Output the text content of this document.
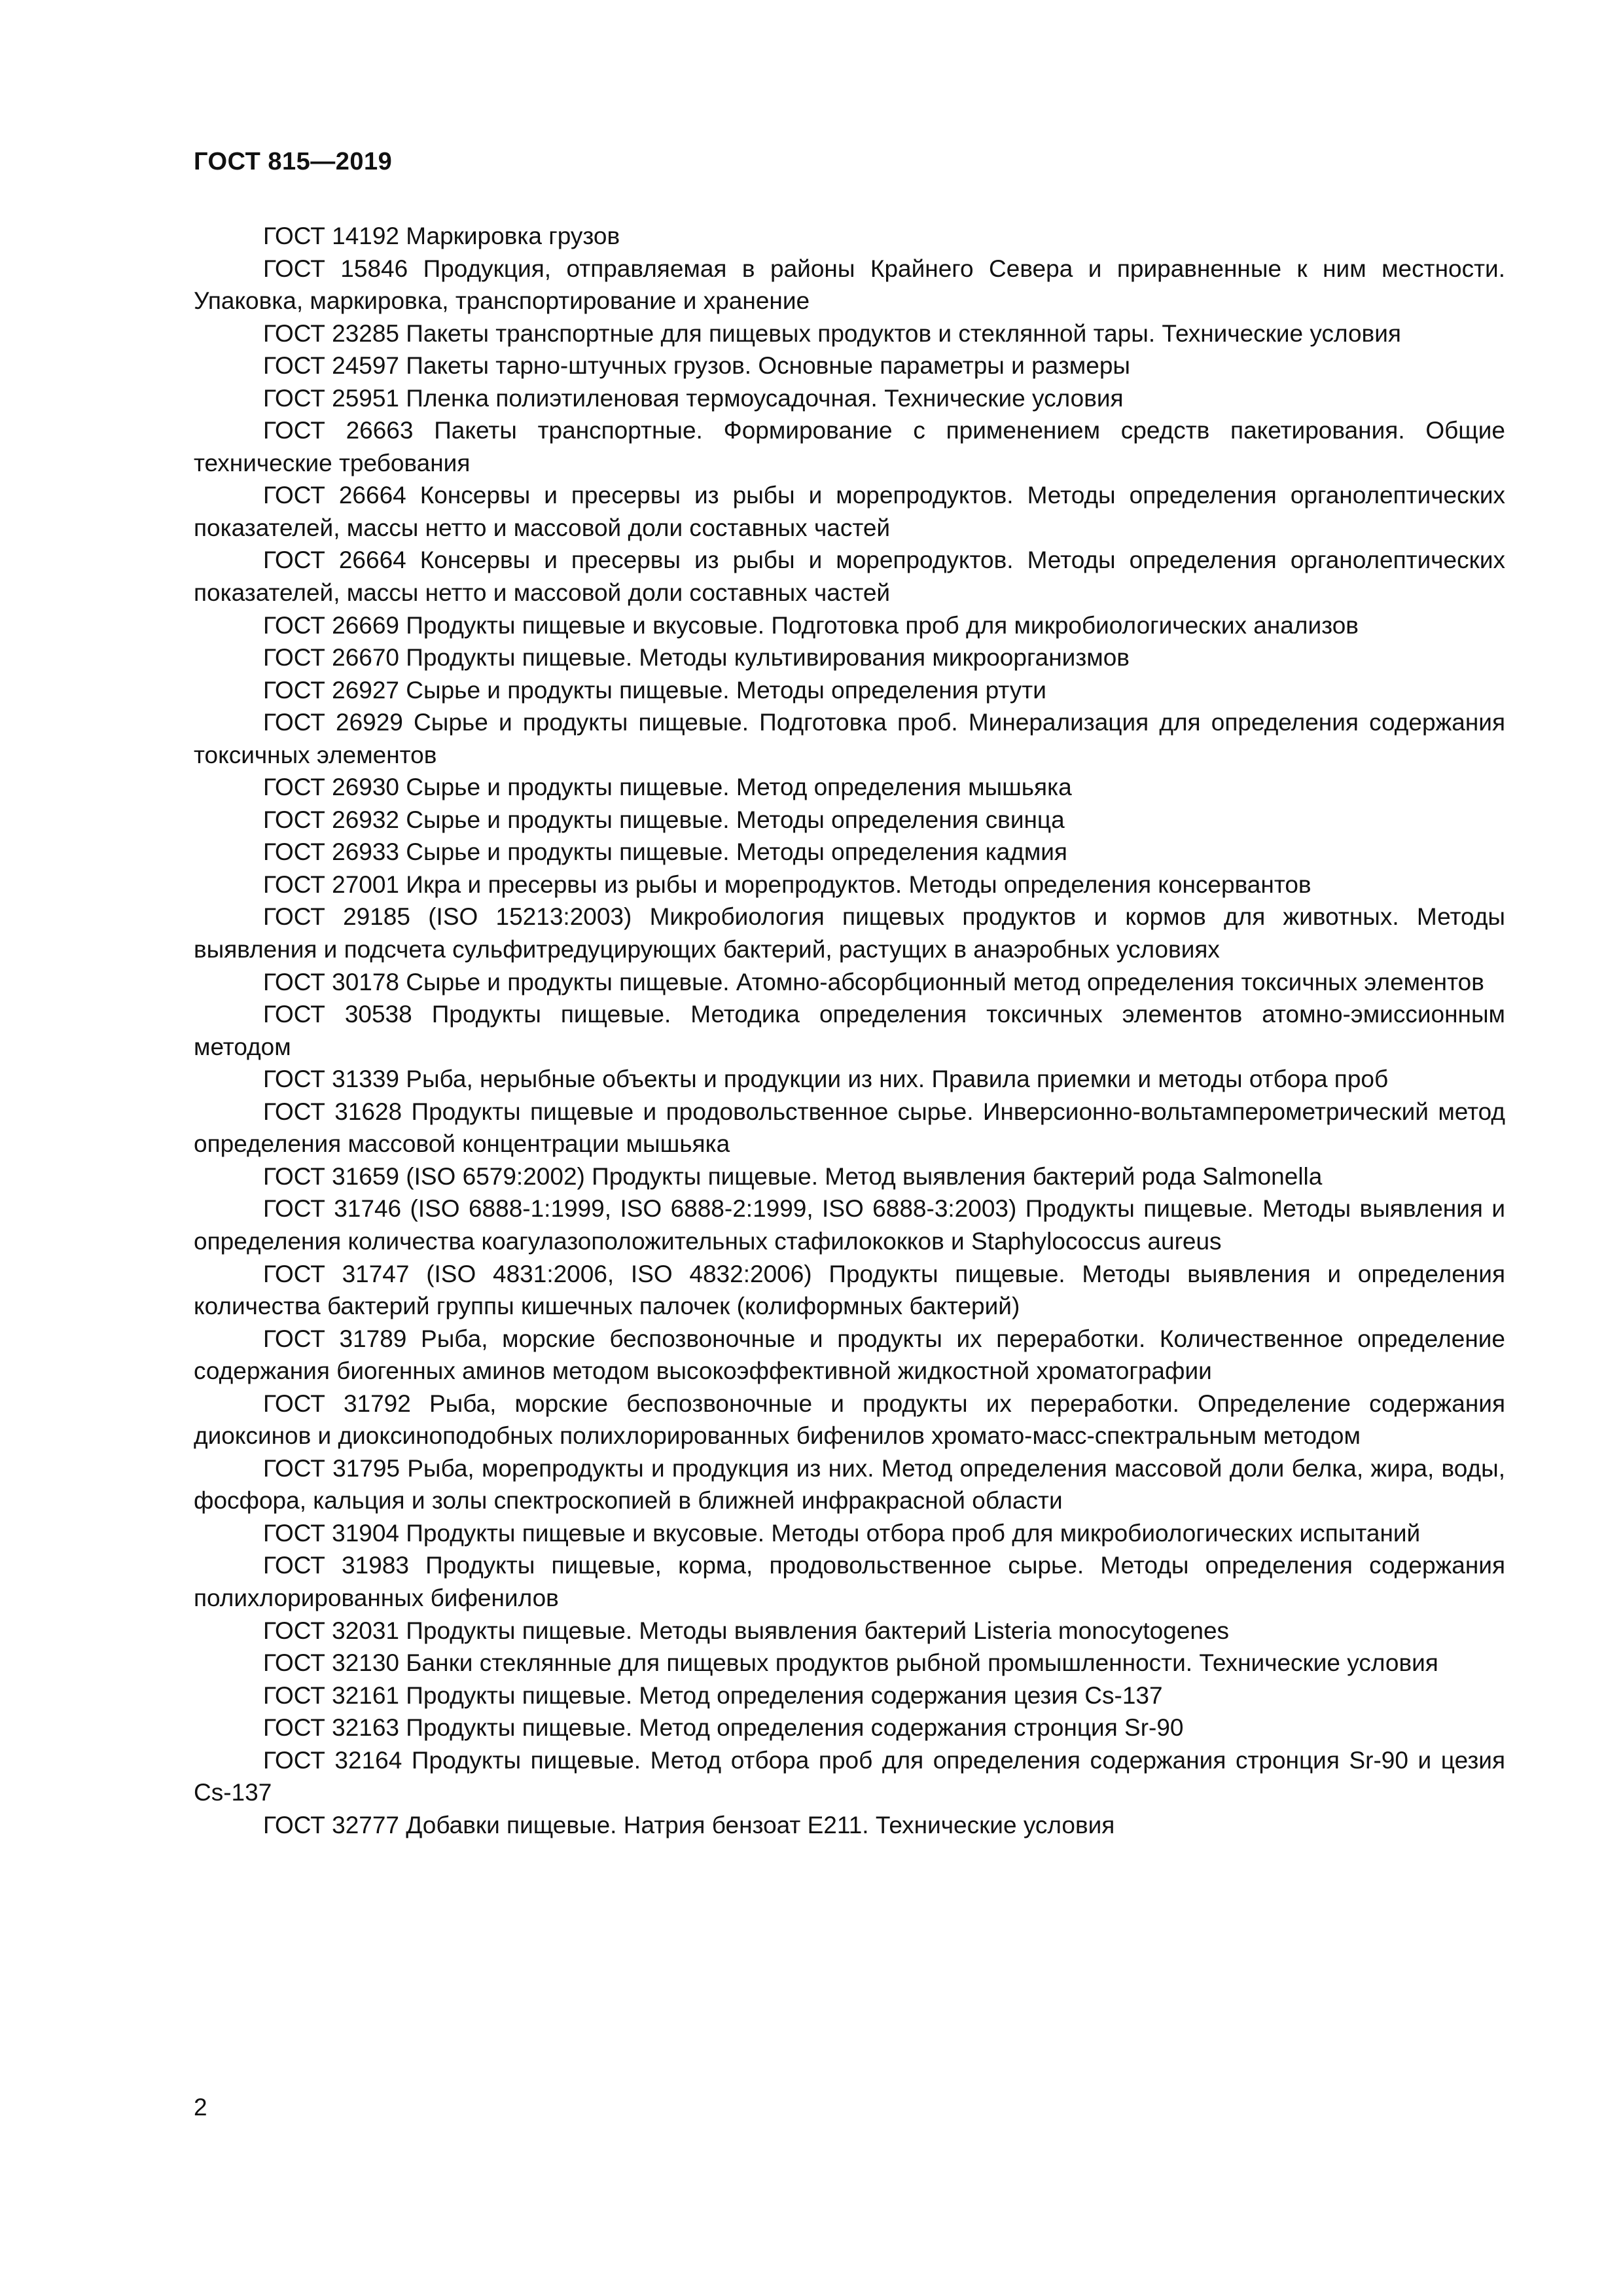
ГОСТ 815—2019

ГОСТ 14192 Маркировка грузов

ГОСТ 15846 Продукция, отправляемая в районы Крайнего Севера и приравненные к ним местности. Упаковка, маркировка, транспортирование и хранение

ГОСТ 23285 Пакеты транспортные для пищевых продуктов и стеклянной тары. Технические условия

ГОСТ 24597 Пакеты тарно-штучных грузов. Основные параметры и размеры

ГОСТ 25951 Пленка полиэтиленовая термоусадочная. Технические условия

ГОСТ 26663 Пакеты транспортные. Формирование с применением средств пакетирования. Общие технические требования

ГОСТ 26664 Консервы и пресервы из рыбы и морепродуктов. Методы определения органолептических показателей, массы нетто и массовой доли составных частей

ГОСТ 26664 Консервы и пресервы из рыбы и морепродуктов. Методы определения органолептических показателей, массы нетто и массовой доли составных частей

ГОСТ 26669 Продукты пищевые и вкусовые. Подготовка проб для микробиологических анализов

ГОСТ 26670 Продукты пищевые. Методы культивирования микроорганизмов

ГОСТ 26927 Сырье и продукты пищевые. Методы определения ртути

ГОСТ 26929 Сырье и продукты пищевые. Подготовка проб. Минерализация для определения содержания токсичных элементов

ГОСТ 26930 Сырье и продукты пищевые. Метод определения мышьяка

ГОСТ 26932 Сырье и продукты пищевые. Методы определения свинца

ГОСТ 26933 Сырье и продукты пищевые. Методы определения кадмия

ГОСТ 27001 Икра и пресервы из рыбы и морепродуктов. Методы определения консервантов

ГОСТ 29185 (ISO 15213:2003) Микробиология пищевых продуктов и кормов для животных. Методы выявления и подсчета сульфитредуцирующих бактерий, растущих в анаэробных условиях

ГОСТ 30178 Сырье и продукты пищевые. Атомно-абсорбционный метод определения токсичных элементов

ГОСТ 30538 Продукты пищевые. Методика определения токсичных элементов атомно-эмиссионным методом

ГОСТ 31339 Рыба, нерыбные объекты и продукции из них. Правила приемки и методы отбора проб

ГОСТ 31628 Продукты пищевые и продовольственное сырье. Инверсионно-вольтамперометрический метод определения массовой концентрации мышьяка

ГОСТ 31659 (ISO 6579:2002) Продукты пищевые. Метод выявления бактерий рода Salmonella

ГОСТ 31746 (ISO 6888-1:1999, ISO 6888-2:1999, ISO 6888-3:2003) Продукты пищевые. Методы выявления и определения количества коагулазоположительных стафилококков и Staphylococcus aureus

ГОСТ 31747 (ISO 4831:2006, ISO 4832:2006) Продукты пищевые. Методы выявления и определения количества бактерий группы кишечных палочек (колиформных бактерий)

ГОСТ 31789 Рыба, морские беспозвоночные и продукты их переработки. Количественное определение содержания биогенных аминов методом высокоэффективной жидкостной хроматографии

ГОСТ 31792 Рыба, морские беспозвоночные и продукты их переработки. Определение содержания диоксинов и диоксиноподобных полихлорированных бифенилов хромато-масс-спектральным методом

ГОСТ 31795 Рыба, морепродукты и продукция из них. Метод определения массовой доли белка, жира, воды, фосфора, кальция и золы спектроскопией в ближней инфракрасной области

ГОСТ 31904 Продукты пищевые и вкусовые. Методы отбора проб для микробиологических испытаний

ГОСТ 31983 Продукты пищевые, корма, продовольственное сырье. Методы определения содержания полихлорированных бифенилов

ГОСТ 32031 Продукты пищевые. Методы выявления бактерий Listeria monocytogenes

ГОСТ 32130 Банки стеклянные для пищевых продуктов рыбной промышленности. Технические условия

ГОСТ 32161 Продукты пищевые. Метод определения содержания цезия Cs-137

ГОСТ 32163 Продукты пищевые. Метод определения содержания стронция Sr-90

ГОСТ 32164 Продукты пищевые. Метод отбора проб для определения содержания стронция Sr-90 и цезия Cs-137

ГОСТ 32777 Добавки пищевые. Натрия бензоат Е211. Технические условия

2
